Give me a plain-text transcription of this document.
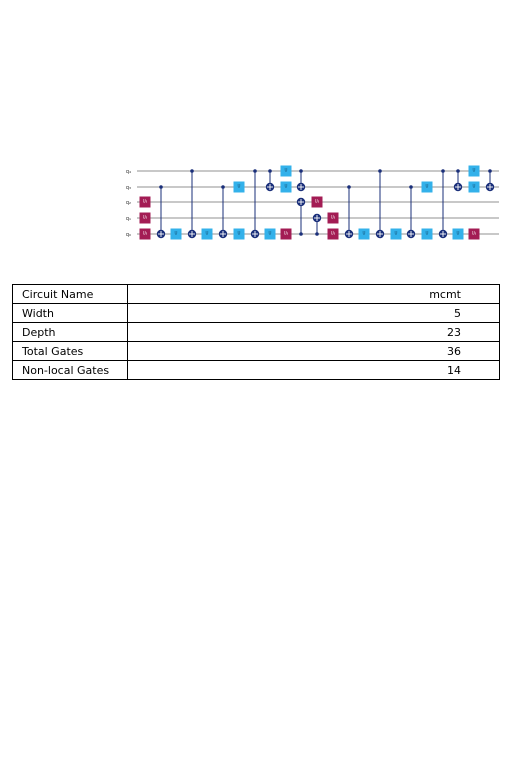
q₄
q₃
q₂
q₁
q₀
U₃
U₃
U₃	U	U
U
U	U
U
U
U₃
U₃
U₃
U₃	U	U
U
U	U
U
U
U₃
Circuit Name	mcmt
Width	5
Depth	23
Total Gates	36
Non-local Gates	14
